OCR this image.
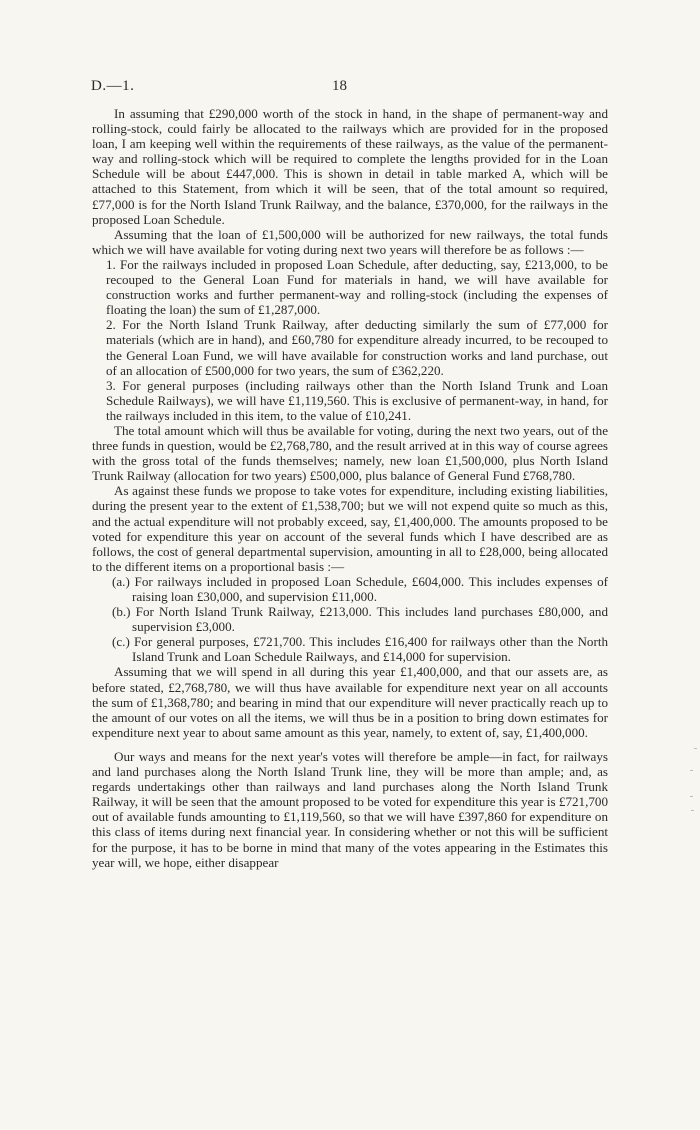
D.—1.	18

In assuming that £290,000 worth of the stock in hand, in the shape of permanent-way and rolling-stock, could fairly be allocated to the railways which are provided for in the proposed loan, I am keeping well within the requirements of these railways, as the value of the permanent-way and rolling-stock which will be required to complete the lengths provided for in the Loan Schedule will be about £447,000. This is shown in detail in table marked A, which will be attached to this Statement, from which it will be seen, that of the total amount so required, £77,000 is for the North Island Trunk Railway, and the balance, £370,000, for the railways in the proposed Loan Schedule.

Assuming that the loan of £1,500,000 will be authorized for new railways, the total funds which we will have available for voting during next two years will therefore be as follows :—

1. For the railways included in proposed Loan Schedule, after deducting, say, £213,000, to be recouped to the General Loan Fund for materials in hand, we will have available for construction works and further permanent-way and rolling-stock (including the expenses of floating the loan) the sum of £1,287,000.

2. For the North Island Trunk Railway, after deducting similarly the sum of £77,000 for materials (which are in hand), and £60,780 for expenditure already incurred, to be recouped to the General Loan Fund, we will have available for construction works and land purchase, out of an allocation of £500,000 for two years, the sum of £362,220.

3. For general purposes (including railways other than the North Island Trunk and Loan Schedule Railways), we will have £1,119,560. This is exclusive of permanent-way, in hand, for the railways included in this item, to the value of £10,241.

The total amount which will thus be available for voting, during the next two years, out of the three funds in question, would be £2,768,780, and the result arrived at in this way of course agrees with the gross total of the funds themselves; namely, new loan £1,500,000, plus North Island Trunk Railway (allocation for two years) £500,000, plus balance of General Fund £768,780.

As against these funds we propose to take votes for expenditure, including existing liabilities, during the present year to the extent of £1,538,700; but we will not expend quite so much as this, and the actual expenditure will not probably exceed, say, £1,400,000. The amounts proposed to be voted for expenditure this year on account of the several funds which I have described are as follows, the cost of general departmental supervision, amounting in all to £28,000, being allocated to the different items on a proportional basis :—

(a.) For railways included in proposed Loan Schedule, £604,000. This includes expenses of raising loan £30,000, and supervision £11,000.
(b.) For North Island Trunk Railway, £213,000. This includes land purchases £80,000, and supervision £3,000.
(c.) For general purposes, £721,700. This includes £16,400 for railways other than the North Island Trunk and Loan Schedule Railways, and £14,000 for supervision.

Assuming that we will spend in all during this year £1,400,000, and that our assets are, as before stated, £2,768,780, we will thus have available for expenditure next year on all accounts the sum of £1,368,780; and bearing in mind that our expenditure will never practically reach up to the amount of our votes on all the items, we will thus be in a position to bring down estimates for expenditure next year to about same amount as this year, namely, to extent of, say, £1,400,000.

Our ways and means for the next year's votes will therefore be ample—in fact, for railways and land purchases along the North Island Trunk line, they will be more than ample; and, as regards undertakings other than railways and land purchases along the North Island Trunk Railway, it will be seen that the amount proposed to be voted for expenditure this year is £721,700 out of available funds amounting to £1,119,560, so that we will have £397,860 for expenditure on this class of items during next financial year. In considering whether or not this will be sufficient for the purpose, it has to be borne in mind that many of the votes appearing in the Estimates this year will, we hope, either disappear
